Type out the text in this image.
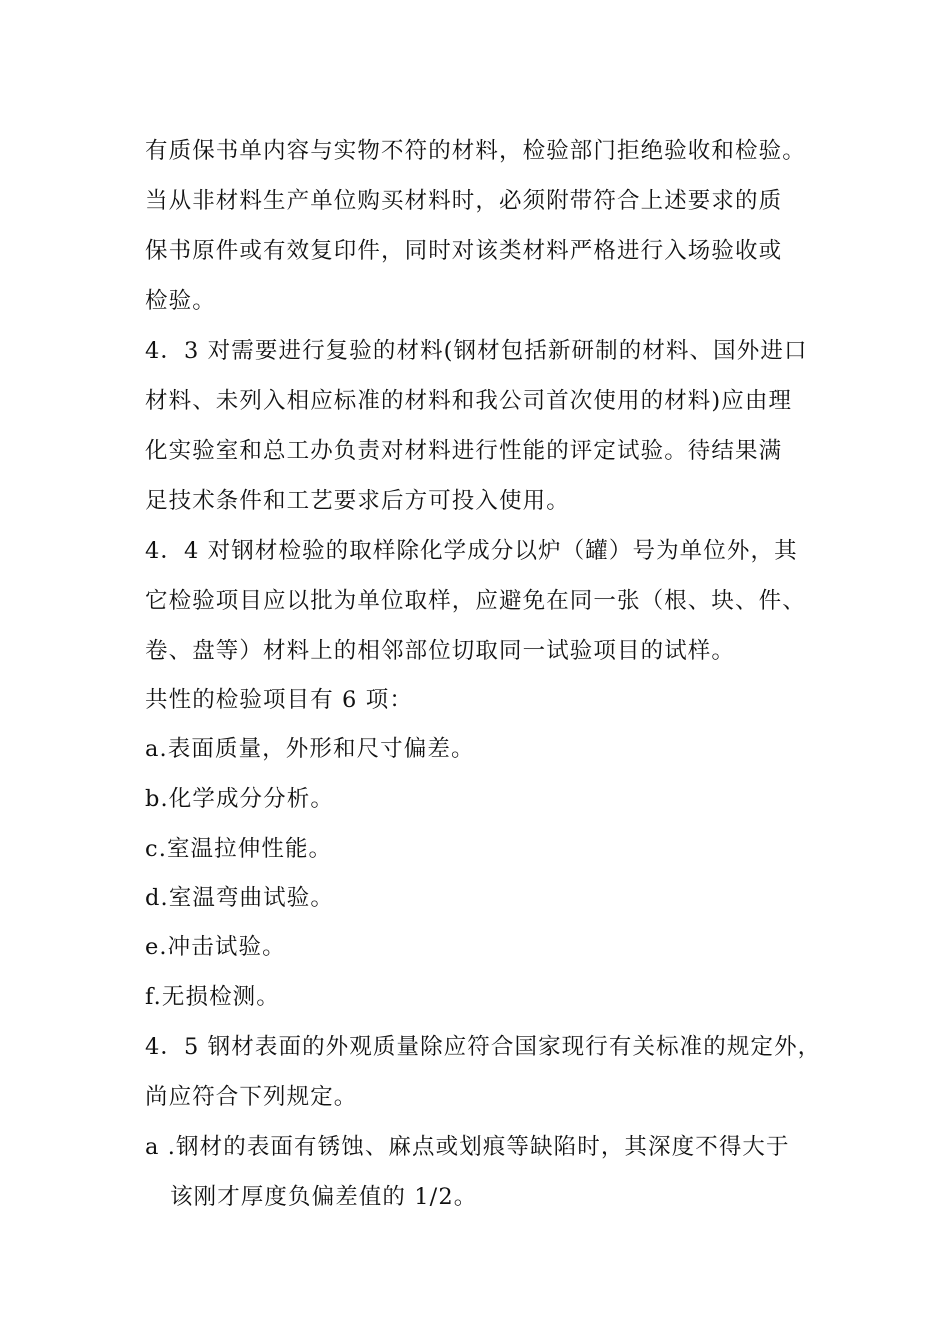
有质保书单内容与实物不符的材料，检验部门拒绝验收和检验。
当从非材料生产单位购买材料时，必须附带符合上述要求的质
保书原件或有效复印件，同时对该类材料严格进行入场验收或
检验。
4．3 对需要进行复验的材料(钢材包括新研制的材料、国外进口
材料、未列入相应标准的材料和我公司首次使用的材料)应由理
化实验室和总工办负责对材料进行性能的评定试验。待结果满
足技术条件和工艺要求后方可投入使用。
4．4 对钢材检验的取样除化学成分以炉（罐）号为单位外，其
它检验项目应以批为单位取样，应避免在同一张（根、块、件、
卷、盘等）材料上的相邻部位切取同一试验项目的试样。
共性的检验项目有 6 项：
a.表面质量，外形和尺寸偏差。
b.化学成分分析。
c.室温拉伸性能。
d.室温弯曲试验。
e.冲击试验。
f.无损检测。
4．5 钢材表面的外观质量除应符合国家现行有关标准的规定外，
尚应符合下列规定。
a .钢材的表面有锈蚀、麻点或划痕等缺陷时，其深度不得大于
该刚才厚度负偏差值的 1/2。
